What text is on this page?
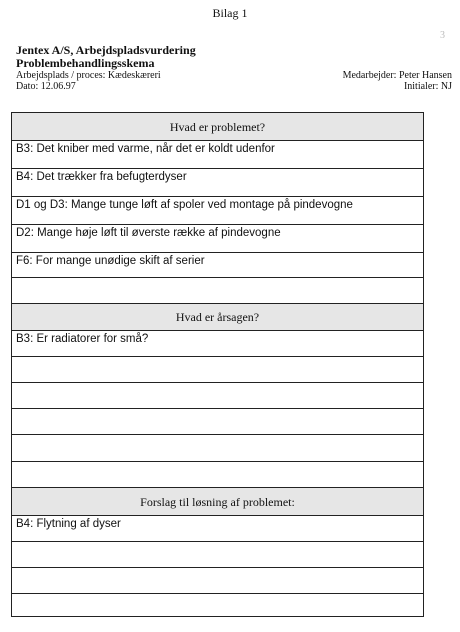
Bilag 1
3
Jentex A/S, Arbejdspladsvurdering
Problembehandlingsskema
Arbejdsplads / proces: Kædeskæreri	Medarbejder: Peter Hansen
Dato: 12.06.97	Initialer: NJ
Hvad er problemet?

B3: Det kniber med varme, når det er koldt udenfor

B4: Det trækker fra befugterdyser

D1 og D3: Mange tunge løft af spoler ved montage på pindevogne

D2: Mange høje løft til øverste række af pindevogne

F6: For mange unødige skift af serier

Hvad er årsagen?

B3: Er radiatorer for små?

Forslag til løsning af problemet:

B4: Flytning af dyser
